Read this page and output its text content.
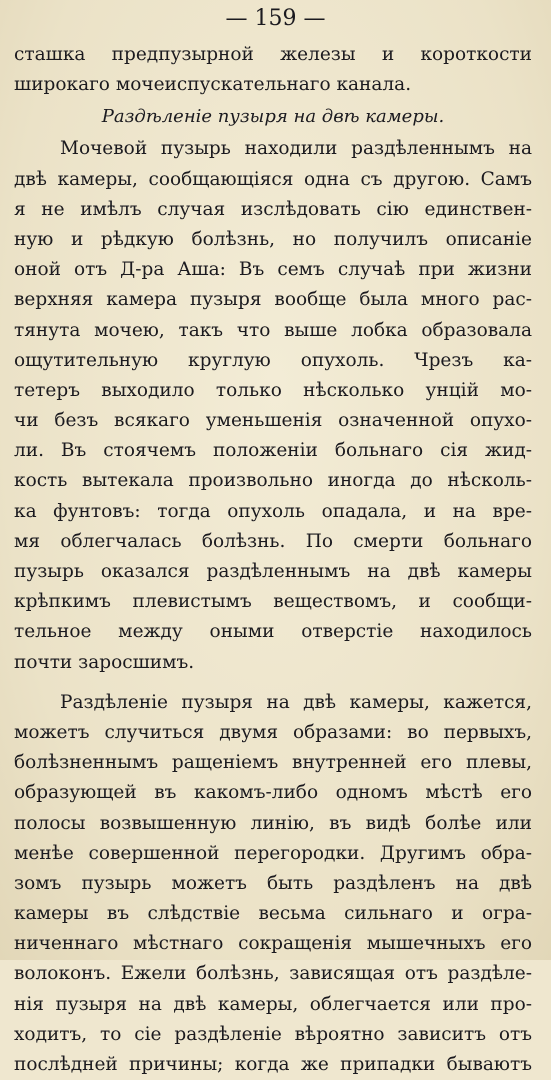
— 159 —
сташка предпузырной железы и короткости
широкаго мочеиспускательнаго канала.
Раздѣленіе пузыря на двѣ камеры.
Мочевой пузырь находили раздѣленнымъ на
двѣ камеры, сообщающіяся одна съ другою. Самъ
я не имѣлъ случая изслѣдовать сію единствен-
ную и рѣдкую болѣзнь, но получилъ описаніе
оной отъ Д-ра Аша: Въ семъ случаѣ при жизни
верхняя камера пузыря вообще была много рас-
тянута мочею, такъ что выше лобка образовала
ощутительную круглую опухоль. Чрезъ ка-
тетеръ выходило только нѣсколько унцій мо-
чи безъ всякаго уменьшенія означенной опухо-
ли. Въ стоячемъ положеніи больнаго сія жид-
кость вытекала произвольно иногда до нѣсколь-
ка фунтовъ: тогда опухоль опадала, и на вре-
мя облегчалась болѣзнь. По смерти больнаго
пузырь оказался раздѣленнымъ на двѣ камеры
крѣпкимъ плевистымъ веществомъ, и сообщи-
тельное между оными отверстіе находилось
почти заросшимъ.
Раздѣленіе пузыря на двѣ камеры, кажется,
можетъ случиться двумя образами: во первыхъ,
болѣзненнымъ ращеніемъ внутренней его плевы,
образующей въ какомъ-либо одномъ мѣстѣ его
полосы возвышенную линію, въ видѣ болѣе или
менѣе совершенной перегородки. Другимъ обра-
зомъ пузырь можетъ быть раздѣленъ на двѣ
камеры въ слѣдствіе весьма сильнаго и огра-
ниченнаго мѣстнаго сокращенія мышечныхъ его
волоконъ. Ежели болѣзнь, зависящая отъ раздѣле-
нія пузыря на двѣ камеры, облегчается или про-
ходитъ, то сіе раздѣленіе вѣроятно зависитъ отъ
послѣдней причины; когда же припадки бываютъ
